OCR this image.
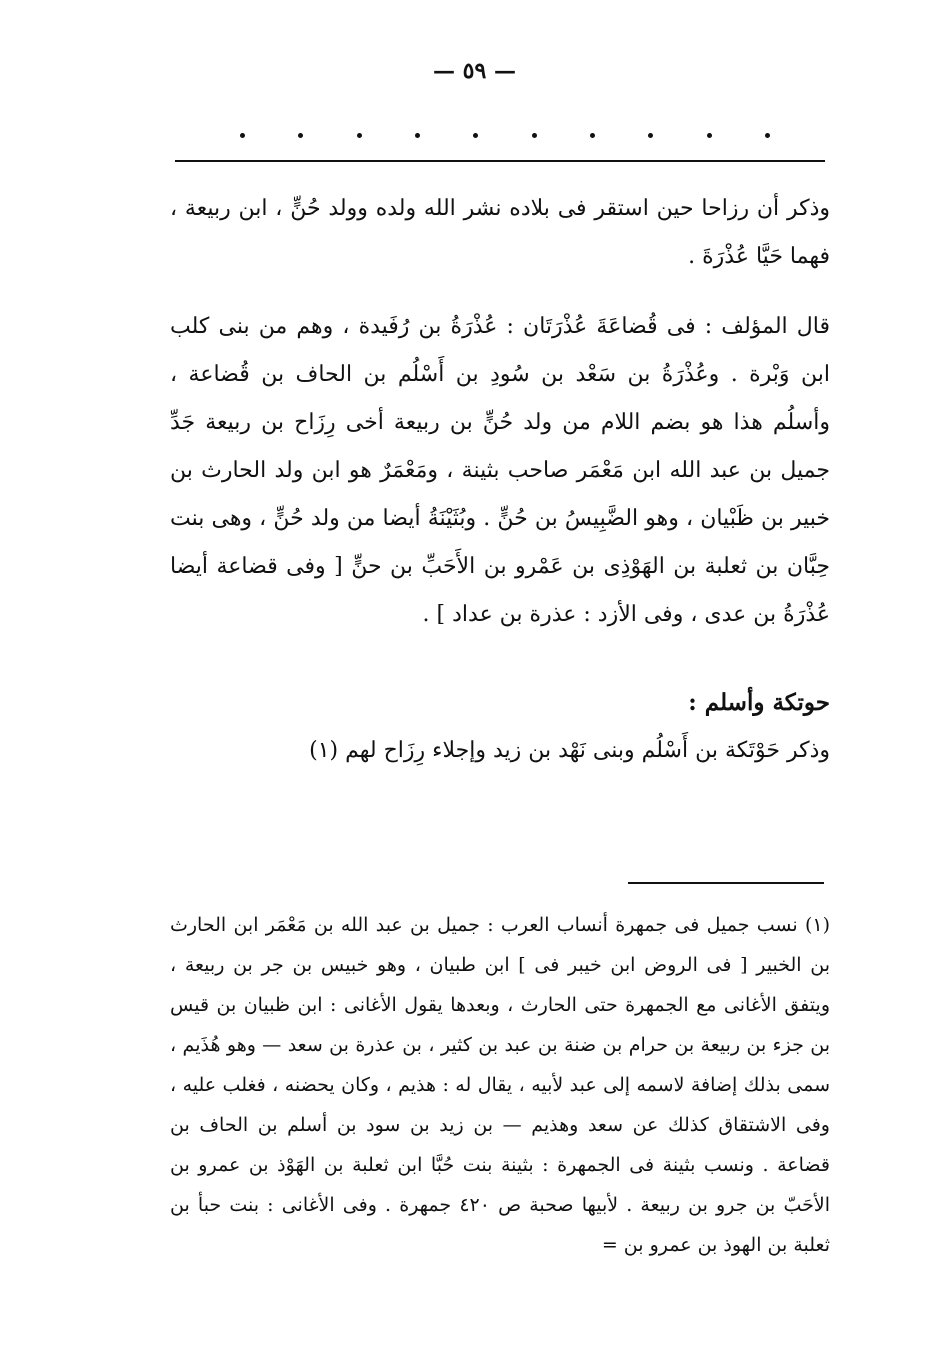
— ٥٩ —

وذكر أن رزاحا حين استقر فى بلاده نشر الله ولده وولد حُنٍّ ، ابن ربيعة ، فهما حَيَّا عُذْرَةَ .

قال المؤلف : فى قُضاعَةَ عُذْرَتَان : عُذْرَةُ بن رُفَيدة ، وهم من بنى كلب ابن وَبْرة . وعُذْرَةُ بن سَعْد بن سُودِ بن أَسْلُم بن الحاف بن قُضاعة ، وأسلُم هذا هو بضم اللام من ولد حُنٍّ بن ربيعة أخى رِزَاح بن ربيعة جَدِّ جميل بن عبد الله ابن مَعْمَر صاحب بثينة ، ومَعْمَرٌ هو ابن ولد الحارث بن خبير بن ظَبْيان ، وهو الضَّبِيسُ بن حُنٍّ . وبُثَيْنَةُ أيضا من ولد حُنٍّ ، وهى بنت حِبَّان بن ثعلبة بن الهَوْذِى بن عَمْرو بن الأَحَبِّ بن حنٍّ [ وفى قضاعة أيضا عُذْرَةُ بن عدى ، وفى الأزد : عذرة بن عداد ] .

حوتكة وأسلم :

وذكر حَوْتَكة بن أَسْلُم وبنى نَهْد بن زيد وإجلاء رِزَاح لهم (١)

(١) نسب جميل فى جمهرة أنساب العرب : جميل بن عبد الله بن مَعْمَر ابن الحارث بن الخبير [ فى الروض ابن خيبر فى ] ابن طبيان ، وهو خبيس بن جر بن ربيعة ، ويتفق الأغانى مع الجمهرة حتى الحارث ، وبعدها يقول الأغانى : ابن ظبيان بن قيس بن جزء بن ربيعة بن حرام بن ضنة بن عبد بن كثير ، بن عذرة بن سعد — وهو هُذَيم ، سمى بذلك إضافة لاسمه إلى عبد لأبيه ، يقال له : هذيم ، وكان يحضنه ، فغلب عليه ، وفى الاشتقاق كذلك عن سعد وهذيم — بن زيد بن سود بن أسلم بن الحاف بن قضاعة . ونسب بثينة فى الجمهرة : بثينة بنت حُبَّا ابن ثعلبة بن الهَوْذ بن عمرو بن الأحَبّ بن جرو بن ربيعة . لأبيها صحبة ص ٤٢٠ جمهرة . وفى الأغانى : بنت حبأ بن ثعلبة بن الهوذ بن عمرو بن =
